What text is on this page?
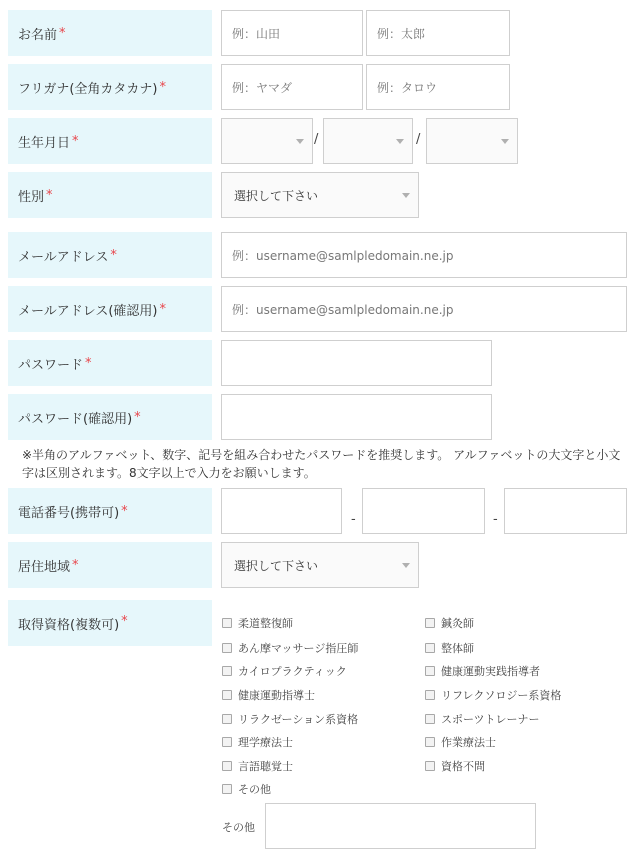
お名前 *	例：山田	例：太郎
フリガナ(全角カタカナ) *	例：ヤマダ	例：タロウ
生年月日 *	/	/
性別 *	選択して下さい
メールアドレス *	例：username@samlpledomain.ne.jp
メールアドレス(確認用) *	例：username@samlpledomain.ne.jp
パスワード *
パスワード(確認用) *
※半角のアルファベット、数字、記号を組み合わせたパスワードを推奨します。 アルファベットの大文字と小文字は区別されます。8文字以上で入力をお願いします。
電話番号(携帯可) *
-	-
居住地域 *	選択して下さい
取得資格(複数可) *	柔道整復師	鍼灸師
あん摩マッサージ指圧師	整体師
カイロプラクティック	健康運動実践指導者
健康運動指導士	リフレクソロジー系資格
リラクゼーション系資格	スポーツトレーナー
理学療法士	作業療法士
言語聴覚士	資格不問
その他
その他
